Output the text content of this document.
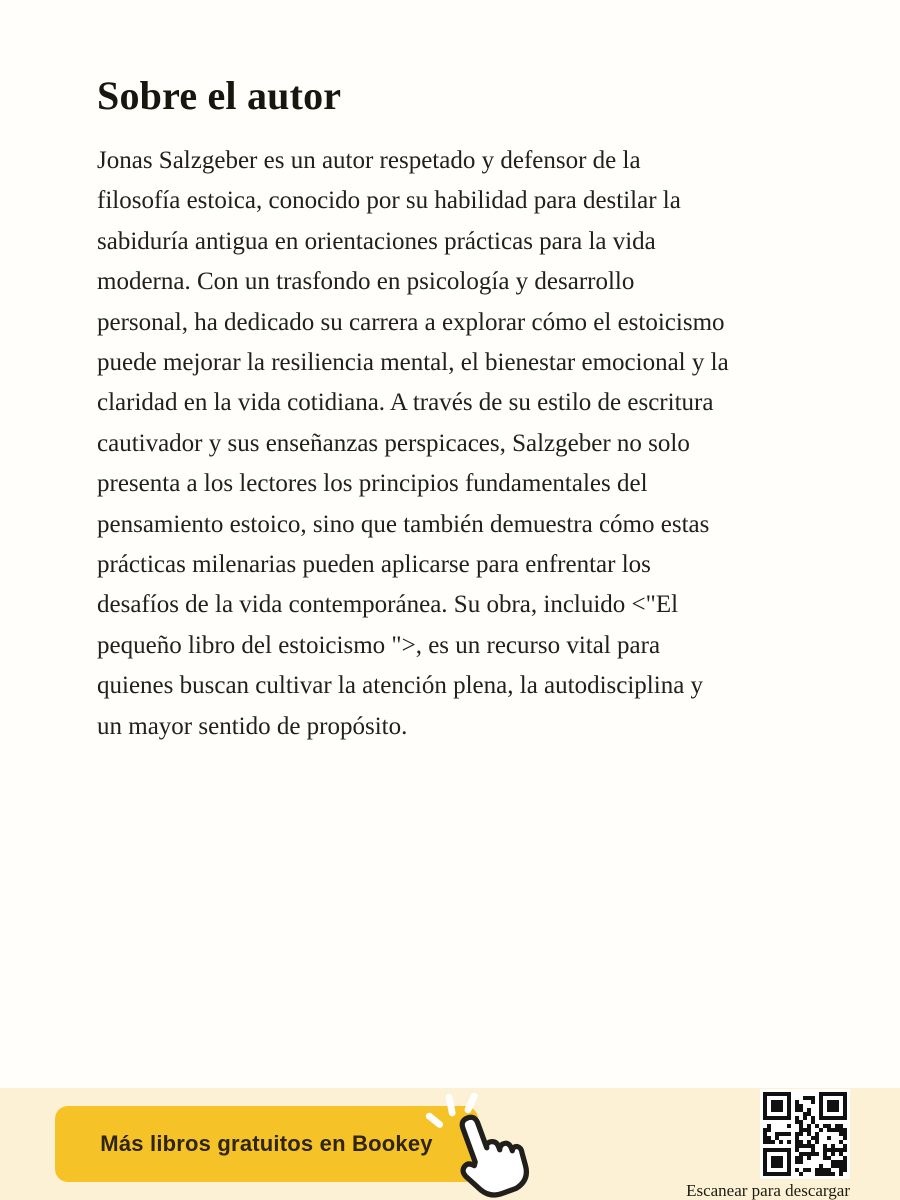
Sobre el autor
Jonas Salzgeber es un autor respetado y defensor de la
filosofía estoica, conocido por su habilidad para destilar la
sabiduría antigua en orientaciones prácticas para la vida
moderna. Con un trasfondo en psicología y desarrollo
personal, ha dedicado su carrera a explorar cómo el estoicismo
puede mejorar la resiliencia mental, el bienestar emocional y la
claridad en la vida cotidiana. A través de su estilo de escritura
cautivador y sus enseñanzas perspicaces, Salzgeber no solo
presenta a los lectores los principios fundamentales del
pensamiento estoico, sino que también demuestra cómo estas
prácticas milenarias pueden aplicarse para enfrentar los
desafíos de la vida contemporánea. Su obra, incluido <"El
pequeño libro del estoicismo ">, es un recurso vital para
quienes buscan cultivar la atención plena, la autodisciplina y
un mayor sentido de propósito.
Más libros gratuitos en Bookey
Escanear para descargar
